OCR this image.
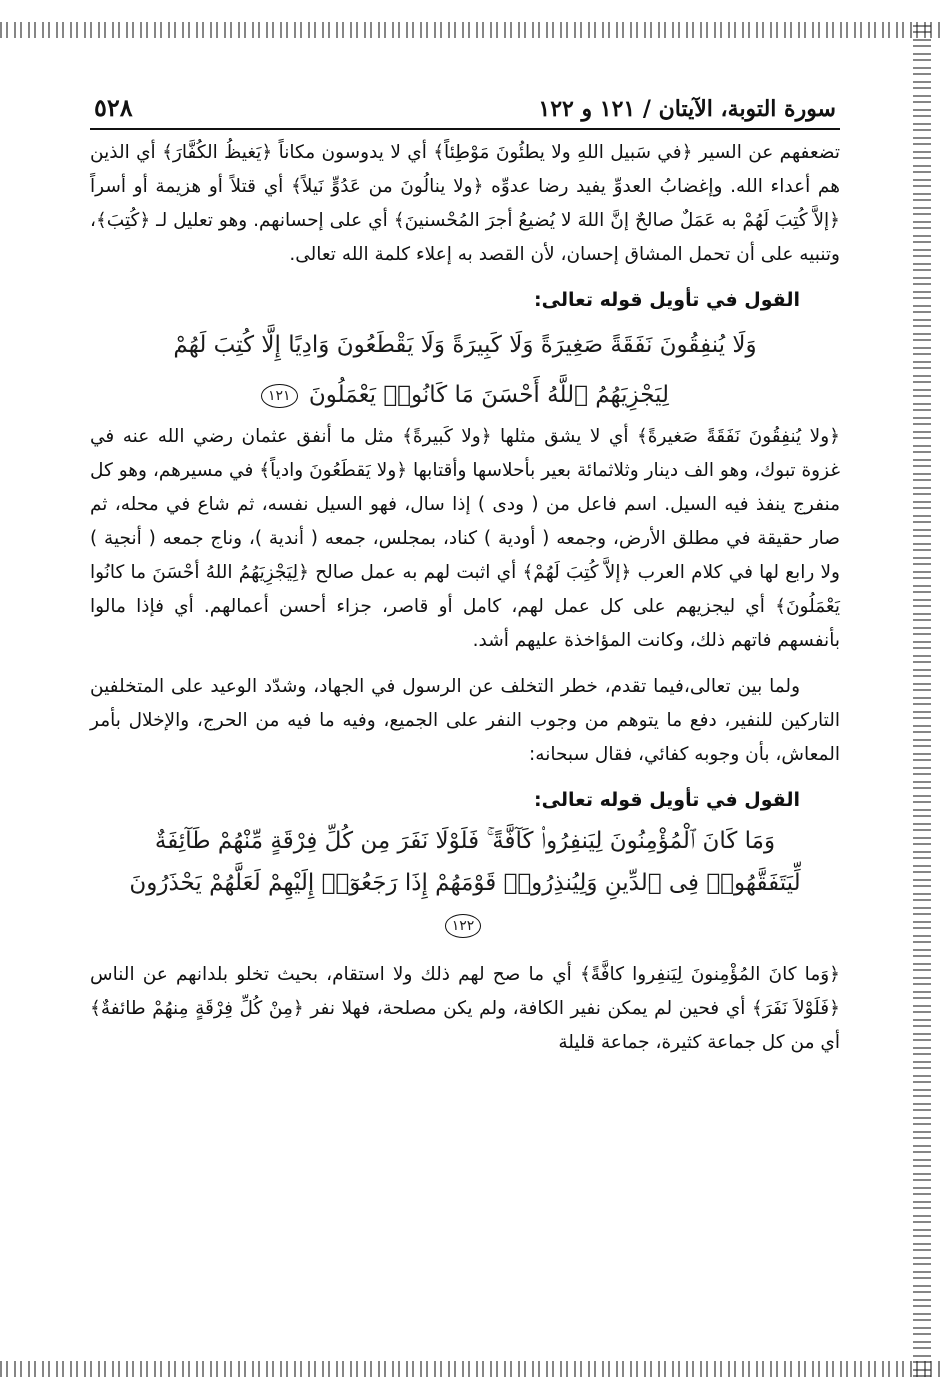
سورة التوبة، الآيتان / ١٢١ و ١٢٢
٥٢٨

تضعفهم عن السير ﴿في سَبيل اللهِ ولا يطئُونَ مَوْطِئاً﴾ أي لا يدوسون مكاناً ﴿يَغيظُ الكُفَّارَ﴾ أي الذين هم أعداء الله. وإغضابُ العدوِّ يفيد رضا عدوِّه ﴿ولا ينالُونَ من عَدُوٍّ نَيلاً﴾ أي قتلاً أو هزيمة أو أسراً ﴿إلاَّ كُتِبَ لَهُمْ به عَمَلٌ صالحٌ إنَّ اللهَ لا يُضيعُ أجرَ المُحْسنينَ﴾ أي على إحسانهم. وهو تعليل لـ ﴿كُتِبَ﴾، وتنبيه على أن تحمل المشاق إحسان، لأن القصد به إعلاء كلمة الله تعالى.

القول في تأويل قوله تعالى:
وَلَا يُنفِقُونَ نَفَقَةً صَغِيرَةً وَلَا كَبِيرَةً وَلَا يَقْطَعُونَ وَادِيًا إِلَّا كُتِبَ لَهُمْ
لِيَجْزِيَهُمُ ٱللَّهُ أَحْسَنَ مَا كَانُوا۟ يَعْمَلُونَ ١٢١

﴿ولا يُنفِقُونَ نَفَقَةً صَغيرةً﴾ أي لا يشق مثلها ﴿ولا كَبيرةً﴾ مثل ما أنفق عثمان رضي الله عنه في غزوة تبوك، وهو الف دينار وثلاثمائة بعير بأحلاسها وأقتابها ﴿ولا يَقطَعُونَ وادياً﴾ في مسيرهم، وهو كل منفرج ينفذ فيه السيل. اسم فاعل من ( ودى ) إذا سال، فهو السيل نفسه، ثم شاع في محله، ثم صار حقيقة في مطلق الأرض، وجمعه ( أودية ) كناد، بمجلس، جمعه ( أندية )، وناج جمعه ( أنجية ) ولا رابع لها في كلام العرب ﴿إلاَّ كُتِبَ لَهُمْ﴾ أي اثبت لهم به عمل صالح ﴿لِيَجْزِيَهُمُ اللهُ أحْسَنَ ما كانُوا يَعْمَلُونَ﴾ أي ليجزيهم على كل عمل لهم، كامل أو قاصر، جزاء أحسن أعمالهم. أي فإذا مالوا بأنفسهم فاتهم ذلك، وكانت المؤاخذة عليهم أشد.

ولما بين تعالى،فيما تقدم، خطر التخلف عن الرسول في الجهاد، وشدّد الوعيد على المتخلفين التاركين للنفير، دفع ما يتوهم من وجوب النفر على الجميع، وفيه ما فيه من الحرج، والإخلال بأمر المعاش، بأن وجوبه كفائي، فقال سبحانه:

القول في تأويل قوله تعالى:
وَمَا كَانَ ٱلْمُؤْمِنُونَ لِيَنفِرُوا۟ كَآفَّةً ۚ فَلَوْلَا نَفَرَ مِن كُلِّ فِرْقَةٍ مِّنْهُمْ طَآئِفَةٌ
لِّيَتَفَقَّهُوا۟ فِى ٱلدِّينِ وَلِيُنذِرُوا۟ قَوْمَهُمْ إِذَا رَجَعُوٓا۟ إِلَيْهِمْ لَعَلَّهُمْ يَحْذَرُونَ ١٢٢

﴿وَما كانَ المُؤْمِنونَ لِيَنفِروا كافَّةً﴾ أي ما صح لهم ذلك ولا استقام، بحيث تخلو بلدانهم عن الناس ﴿فَلَوْلاَ نَفَرَ﴾ أي فحين لم يمكن نفير الكافة، ولم يكن مصلحة، فهلا نفر ﴿مِنْ كُلِّ فِرْقَةٍ مِنهُمْ طائفةٌ﴾ أي من كل جماعة كثيرة، جماعة قليلة
